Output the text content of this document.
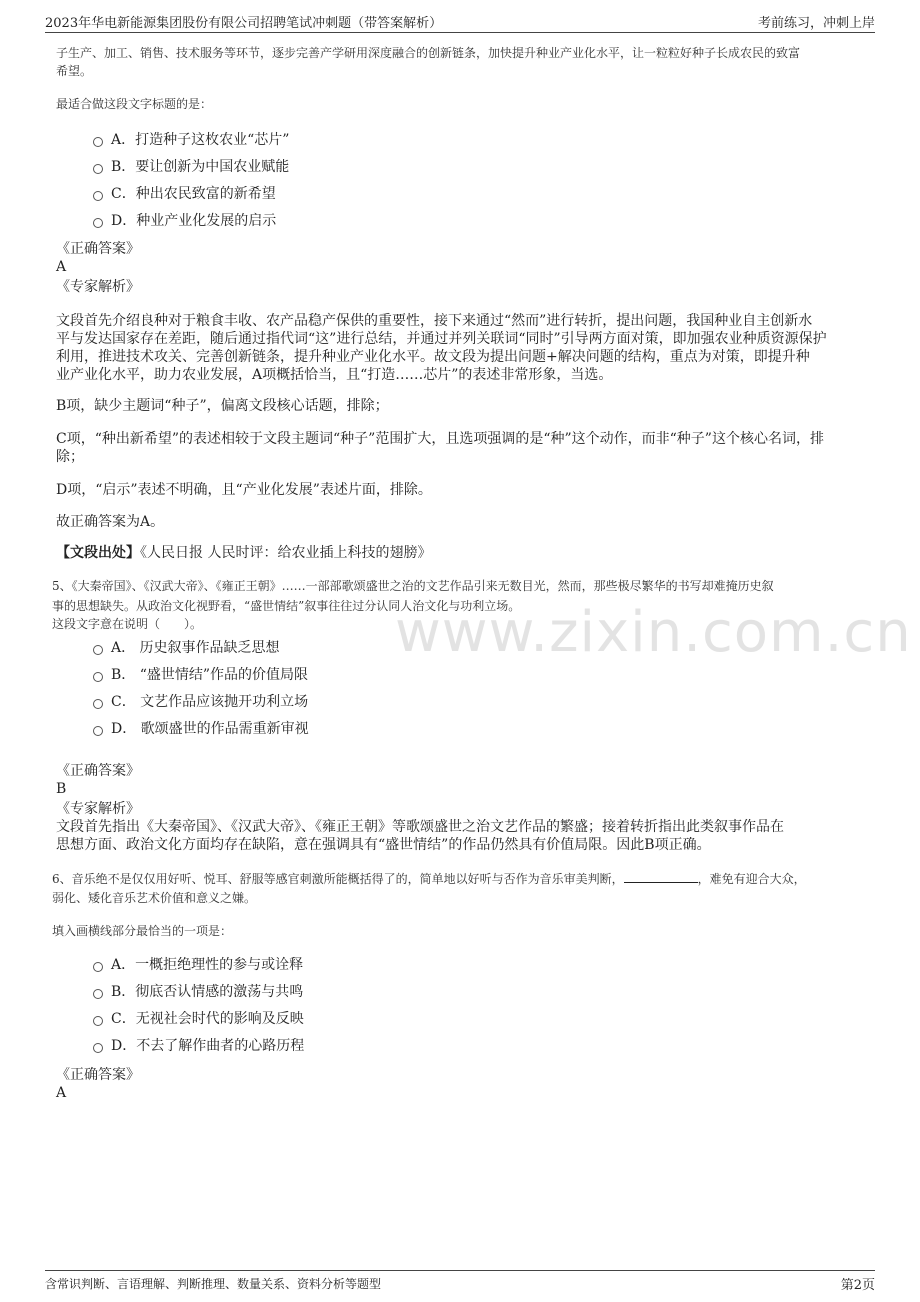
2023年华电新能源集团股份有限公司招聘笔试冲刺题（带答案解析）	考前练习，冲刺上岸
www.zixin.com.cn
子生产、加工、销售、技术服务等环节，逐步完善产学研用深度融合的创新链条，加快提升种业产业化水平，让一粒粒好种子长成农民的致富
希望。
最适合做这段文字标题的是：
A．打造种子这枚农业“芯片”
B．要让创新为中国农业赋能
C．种出农民致富的新希望
D．种业产业化发展的启示
《正确答案》
A
《专家解析》
文段首先介绍良种对于粮食丰收、农产品稳产保供的重要性，接下来通过“然而”进行转折，提出问题，我国种业自主创新水
平与发达国家存在差距，随后通过指代词“这”进行总结，并通过并列关联词“同时”引导两方面对策，即加强农业种质资源保护
利用，推进技术攻关、完善创新链条，提升种业产业化水平。故文段为提出问题+解决问题的结构，重点为对策，即提升种
业产业化水平，助力农业发展，A项概括恰当，且“打造……芯片”的表述非常形象，当选。
B项，缺少主题词“种子”，偏离文段核心话题，排除；
C项，“种出新希望”的表述相较于文段主题词“种子”范围扩大，且选项强调的是“种”这个动作，而非“种子”这个核心名词，排
除；
D项，“启示”表述不明确，且“产业化发展”表述片面，排除。
故正确答案为A。
【文段出处】《人民日报 人民时评：给农业插上科技的翅膀》
5、《大秦帝国》、《汉武大帝》、《雍正王朝》……一部部歌颂盛世之治的文艺作品引来无数目光，然而，那些极尽繁华的书写却难掩历史叙
事的思想缺失。从政治文化视野看，“盛世情结”叙事往往过分认同人治文化与功利立场。
这段文字意在说明（　　）。
A． 历史叙事作品缺乏思想
B． “盛世情结”作品的价值局限
C． 文艺作品应该抛开功利立场
D． 歌颂盛世的作品需重新审视
《正确答案》
B
《专家解析》
文段首先指出《大秦帝国》、《汉武大帝》、《雍正王朝》等歌颂盛世之治文艺作品的繁盛；接着转折指出此类叙事作品在
思想方面、政治文化方面均存在缺陷，意在强调具有“盛世情结”的作品仍然具有价值局限。因此B项正确。
6、音乐绝不是仅仅用好听、悦耳、舒服等感官刺激所能概括得了的，简单地以好听与否作为音乐审美判断，	，难免有迎合大众，
弱化、矮化音乐艺术价值和意义之嫌。
填入画横线部分最恰当的一项是：
A．一概拒绝理性的参与或诠释
B．彻底否认情感的激荡与共鸣
C．无视社会时代的影响及反映
D．不去了解作曲者的心路历程
《正确答案》
A
含常识判断、言语理解、判断推理、数量关系、资料分析等题型	第2页
